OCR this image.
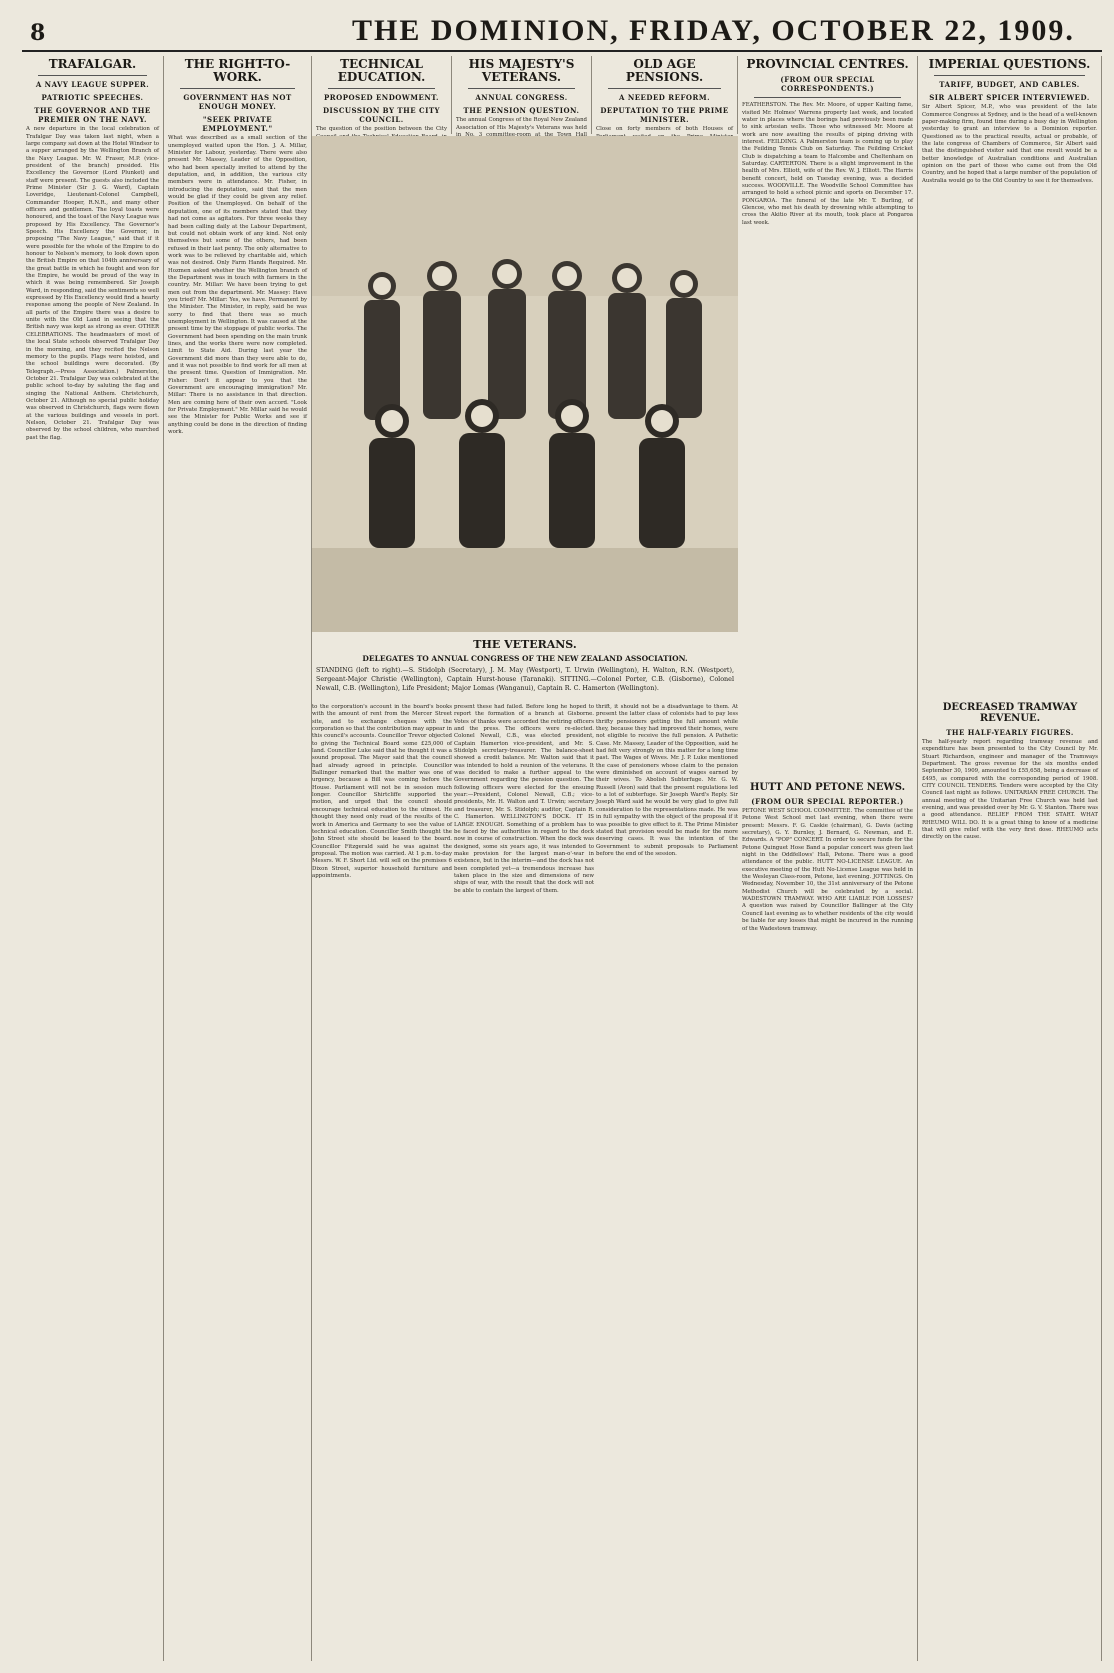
8	THE DOMINION, FRIDAY, OCTOBER 22, 1909.
TRAFALGAR.
A NAVY LEAGUE SUPPER.
PATRIOTIC SPEECHES.
THE GOVERNOR AND THE PREMIER ON THE NAVY.
A new departure in the local celebration of Trafalgar Day was taken last night, when a large company sat down at the Hotel Windsor to a supper arranged by the Wellington Branch of the Navy League. Mr. W. Fraser, M.P. (vice-president of the branch) presided. His Excellency the Governor (Lord Plunket) and staff were present. The guests also included the Prime Minister (Sir J. G. Ward), Captain Loveridge, Lieutenant-Colonel Campbell, Commander Hooper, R.N.R., and many other officers and gentlemen. The loyal toasts were honoured, and the toast of the Navy League was proposed by His Excellency. The Governor's Speech. His Excellency the Governor, in proposing "The Navy League," said that if it were possible for the whole of the Empire to do honour to Nelson's memory, to look down upon the British Empire on that 104th anniversary of the great battle in which he fought and won for the Empire, he would be proud of the way in which it was being remembered. Sir Joseph Ward, in responding, said the sentiments so well expressed by His Excellency would find a hearty response among the people of New Zealand. In all parts of the Empire there was a desire to unite with the Old Land in seeing that the British navy was kept as strong as ever. OTHER CELEBRATIONS. The headmasters of most of the local State schools observed Trafalgar Day in the morning, and they recited the Nelson memory to the pupils. Flags were hoisted, and the school buildings were decorated. (By Telegraph.—Press Association.) Palmerston, October 21. Trafalgar Day was celebrated at the public school to-day by saluting the flag and singing the National Anthem. Christchurch, October 21. Although no special public holiday was observed in Christchurch, flags were flown at the various buildings and vessels in port. Nelson, October 21. Trafalgar Day was observed by the school children, who marched past the flag.
THE RIGHT-TO-WORK.
GOVERNMENT HAS NOT ENOUGH MONEY.
"SEEK PRIVATE EMPLOYMENT."
What was described as a small section of the unemployed waited upon the Hon. J. A. Millar, Minister for Labour, yesterday. There were also present Mr. Massey, Leader of the Opposition, who had been specially invited to attend by the deputation, and, in addition, the various city members were in attendance. Mr. Fisher, in introducing the deputation, said that the men would be glad if they could be given any relief. Position of the Unemployed. On behalf of the deputation, one of its members stated that they had not come as agitators. For three weeks they had been calling daily at the Labour Department, but could not obtain work of any kind. Not only themselves but some of the others, had been refused in their last penny. The only alternative to work was to be relieved by charitable aid, which was not desired. Only Farm Hands Required. Mr. Hozmen asked whether the Wellington branch of the Department was in touch with farmers in the country. Mr. Millar: We have been trying to get men out from the department. Mr. Massey: Have you tried? Mr. Millar: Yes, we have. Permanent by the Minister. The Minister, in reply, said he was sorry to find that there was so much unemployment in Wellington. It was caused at the present time by the stoppage of public works. The Government had been spending on the main trunk lines, and the works there were now completed. Limit to State Aid. During last year the Government did more than they were able to do, and it was not possible to find work for all men at the present time. Question of Immigration. Mr. Fisher: Don't it appear to you that the Government are encouraging immigration? Mr. Millar: There is no assistance in that direction. Men are coming here of their own accord. "Look for Private Employment." Mr. Millar said he would see the Minister for Public Works and see if anything could be done in the direction of finding work.
TECHNICAL EDUCATION.
PROPOSED ENDOWMENT.
DISCUSSION BY THE CITY COUNCIL.
The question of the position between the City
HIS MAJESTY'S VETERANS.
ANNUAL CONGRESS.
THE PENSION QUESTION.
The annual Congress of the Royal New Zealand Association of His Majesty's Veterans was held
OLD AGE PENSIONS.
A NEEDED REFORM.
DEPUTATION TO THE PRIME MINISTER.
Close on forty members of both Houses of
PROVINCIAL CENTRES.
(FROM OUR SPECIAL CORRESPONDENTS.)
FEATHERSTON. The Rev. Mr. Moore, of upper Kaiting fame, visited Mr. Holmes' Warrens property last week, and located water in places where the borings had previously been made to sink artesian wells. Those who witnessed Mr. Moore at work are now awaiting the results of piping driving with interest. FEILDING. A Palmerston team is coming up to play the Feilding Tennis Club on Saturday. The Feilding Cricket Club is dispatching a team to Halcombe and Cheltenham on Saturday. CARTERTON. There is a slight improvement in the health of Mrs. Elliott, wife of the Rev. W. J. Elliott. The Harris benefit concert, held on Tuesday evening, was a decided success. WOODVILLE. The Woodville School Committee has arranged to hold a school picnic and sports on December 17. PONGAROA. The funeral of the late Mr. T. Burling, of Glencoe, who met his death by drowning while attempting to cross the Akitio River at its mouth, took place at Pongaroa last week.
IMPERIAL QUESTIONS.
TARIFF, BUDGET, AND CABLES.
SIR ALBERT SPICER INTERVIEWED.
Sir Albert Spicer, M.P., who was president of the late Commerce Congress at Sydney, and is the head of a well-known paper-making firm, found time during a busy day in Wellington yesterday to grant an interview to a Dominion reporter. Questioned as to the practical results, actual or probable, of the late congress of Chambers of Commerce, Sir Albert said that the distinguished visitor said that one result would be a better knowledge of Australian conditions and Australian opinion on the part of those who came out from the Old Country, and he hoped that a large number of the population of Australia would go to the Old Country to see it for themselves.
THE VETERANS.
DELEGATES TO ANNUAL CONGRESS OF THE NEW ZEALAND ASSOCIATION.
STANDING (left to right).—S. Stidolph (Secretary), J. M. May (Westport), T. Urwin (Wellington), H. Walton, R.N. (Westport), Sergeant-Major Christie (Wellington), Captain Hurst-house (Taranaki). SITTING.—Colonel Porter, C.B. (Gisborne), Colonel Newall, C.B. (Wellington), Life President; Major Lomas (Wanganui), Captain R. C. Hamerton (Wellington).
to the corporation's account in the board's books with the amount of rent from the Mercer Street site, and to exchange cheques with the corporation so that the contribution may appear in this council's accounts. Councillor Trevor objected to giving the Technical Board some £25,000 of land. Councillor Luke said that he thought it was a sound proposal. The Mayor said that the council had already agreed in principle. Councillor Ballinger remarked that the matter was one of urgency, because a Bill was coming before the House. Parliament will not be in session much longer. Councillor Shirtcliffe supported the motion, and urged that the council should encourage technical education to the utmost. He thought they need only read of the results of the work in America and Germany to see the value of technical education. Councillor Smith thought the John Street site should be leased to the board. Councillor Fitzgerald said he was against the proposal. The motion was carried. At 1 p.m. to-day Messrs. W. F. Short Ltd. will sell on the premises 6 Dixon Street, superior household furniture and appointments.
present these had failed. Before long he hoped to report the formation of a branch at Gisborne. Votes of thanks were accorded the retiring officers and the press. The officers were re-elected. Colonel Newall, C.B., was elected president, Captain Hamerton vice-president, and Mr. S. Stidolph secretary-treasurer. The balance-sheet showed a credit balance. Mr. Walton said that it was intended to hold a reunion of the veterans. It was decided to make a further appeal to the Government regarding the pension question. The following officers were elected for the ensuing year:—President, Colonel Newall, C.B.; vice-presidents, Mr. H. Walton and T. Urwin; secretary and treasurer, Mr. S. Stidolph; auditor, Captain R. C. Hamerton. WELLINGTON'S DOCK. IT IS LARGE ENOUGH. Something of a problem has to be faced by the authorities in regard to the dock now in course of construction. When the dock was designed, some six years ago, it was intended to make provision for the largest man-o'-war in existence, but in the interim—and the dock has not been completed yet—a tremendous increase has taken place in the size and dimensions of new ships of war, with the result that the dock will not be able to contain the largest of them.
thrift, it should not be a disadvantage to them. At present the latter class of colonists had to pay less thrifty pensioners getting the full amount while they, because they had improved their homes, were not eligible to receive the full pension. A Pathetic Case. Mr. Massey, Leader of the Opposition, said he had felt very strongly on this matter for a long time past. The Wages of Wives. Mr. J. P. Luke mentioned the case of pensioners whose claim to the pension were diminished on account of wages earned by their wives. To Abolish Subterfuge. Mr. G. W. Russell (Avon) said that the present regulations led to a lot of subterfuge. Sir Joseph Ward's Reply. Sir Joseph Ward said he would be very glad to give full consideration to the representations made. He was in full sympathy with the object of the proposal if it was possible to give effect to it. The Prime Minister stated that provision would be made for the more deserving cases. It was the intention of the Government to submit proposals to Parliament before the end of the session.
HUTT AND PETONE NEWS.
(FROM OUR SPECIAL REPORTER.)
PETONE WEST SCHOOL COMMITTEE. The committee of the Petone West School met last evening, when there were present: Messrs. F. G. Caskie (chairman), G. Davis (acting secretary), G. Y. Burnley, J. Bernard, G. Newman, and E. Edwards. A "POP" CONCERT. In order to secure funds for the Petone Quinguet Hose Band a popular concert was given last night in the Oddfellows' Hall, Petone. There was a good attendance of the public. HUTT NO-LICENSE LEAGUE. An executive meeting of the Hutt No-License League was held in the Wesleyan Class-room, Petone, last evening. JOTTINGS. On Wednesday, November 10, the 31st anniversary of the Petone Methodist Church will be celebrated by a social. WADESTOWN TRAMWAY. WHO ARE LIABLE FOR LOSSES? A question was raised by Councillor Ballinger at the City Council last evening as to whether residents of the city would be liable for any losses that might be incurred in the running of the Wadestown tramway.
DECREASED TRAMWAY REVENUE.
THE HALF-YEARLY FIGURES.
The half-yearly report regarding tramway revenue and expenditure has been presented to the City Council by Mr. Stuart Richardson, engineer and manager of the Tramways Department. The gross revenue for the six months ended September 30, 1909, amounted to £55,658, being a decrease of £495, as compared with the corresponding period of 1908. CITY COUNCIL TENDERS. Tenders were accepted by the City Council last night as follows. UNITARIAN FREE CHURCH. The annual meeting of the Unitarian Free Church was held last evening, and was presided over by Mr. G. V. Stanton. There was a good attendance. RELIEF FROM THE START. WHAT RHEUMO WILL DO. It is a great thing to know of a medicine that will give relief with the very first dose. RHEUMO acts directly on the cause.
